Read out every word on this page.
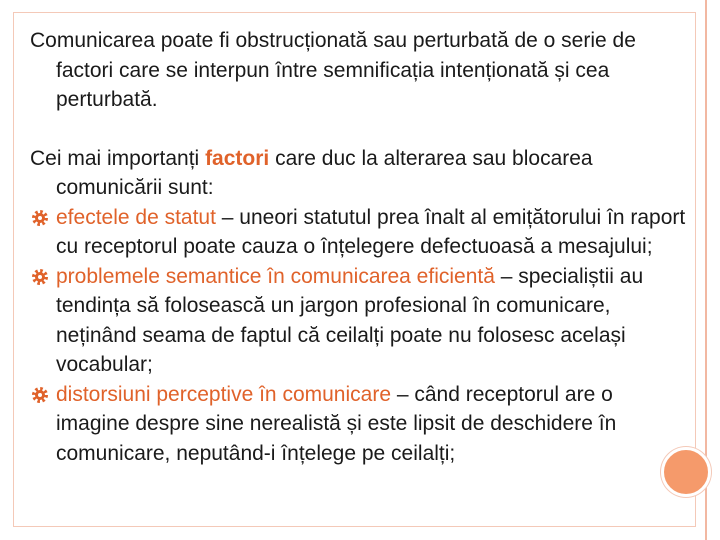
Comunicarea poate fi obstrucționată sau perturbată de o serie de factori care se interpun între semnificația intenționată și cea perturbată.

Cei mai importanți factori care duc la alterarea sau blocarea comunicării sunt:

efectele de statut – uneori statutul prea înalt al emițătorului în raport cu receptorul poate cauza o înțelegere defectuoasă a mesajului;

problemele semantice în comunicarea eficientă – specialiștii au tendința să folosească un jargon profesional în comunicare, neținând seama de faptul că ceilalți poate nu folosesc același vocabular;

distorsiuni perceptive în comunicare – când receptorul are o imagine despre sine nerealistă și este lipsit de deschidere în comunicare, neputând-i înțelege pe ceilalți;
